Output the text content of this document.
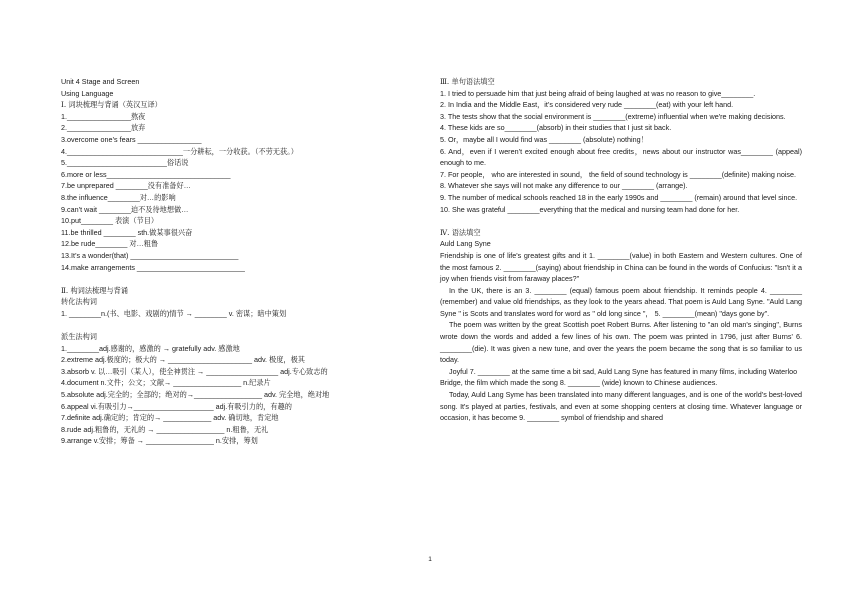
Unit 4 Stage and Screen
Using Language
Ⅰ. 词块梳理与背诵（英汉互译）
1.________________熬夜
2.________________放弃
3.overcome one’s fears ________________
4._____________________________一分耕耘，一分收获。（不劳无获。）
5._________________________俗话说
6.more or less_______________________________
7.be unprepared ________没有准备好…
8.the influence________对…的影响
9.can’t wait ________迫不及待地想做…
10.put________ 表演（节目）
11.be thrilled ________ sth.做某事很兴奋
12.be rude________ 对…粗鲁
13.It’s a wonder(that) ___________________________
14.make arrangements ___________________________
Ⅱ. 构词法梳理与背诵
转化法构词
1. ________n.(书、电影、戏剧的)情节 → ________ v. 密谋；暗中策划
派生法构词
1.________adj.感谢的，感激的 → gratefully adv. 感激地
2.extreme adj.极度的；极大的 → _____________________ adv. 极度，极其
3.absorb v. 以…吸引（某人），使全神贯注 → __________________ adj.专心致志的
4.document n.文件；公文；文献→ _________________ n.纪录片
5.absolute adj.完全的；全部的；绝对的→_________________ adv. 完全地，绝对地
6.appeal vi.有吸引力→____________________ adj.有吸引力的，有趣的
7.definite adj.确定的；肯定的→ ____________ adv. 确切地，肯定地
8.rude adj.粗鲁的，无礼的 → _________________ n.粗鲁，无礼
9.arrange v.安排；筹备 → _________________ n.安排，筹划
Ⅲ. 单句语法填空
1. I tried to persuade him that just being afraid of being laughed at was no reason to give________.
2. In India and the Middle East，it’s considered very rude ________(eat) with your left hand.
3. The tests show that the social environment is ________(extreme) influential when we're making decisions.
4. These kids are so________(absorb) in their studies that I just sit back.
5. Or，maybe all I would find was ________ (absolute) nothing！
6. And，even if I weren’t excited enough about free credits，news about our instructor was________ (appeal) enough to me.
7. For people， who are interested in sound， the field of sound technology is ________(definite) making noise.
8. Whatever she says will not make any difference to our ________ (arrange).
9. The number of medical schools reached 18 in the early 1990s and ________ (remain) around that level since.
10. She was grateful ________everything that the medical and nursing team had done for her.
Ⅳ. 语法填空
Auld Lang Syne
Friendship is one of life's greatest gifts and it 1. ________(value) in both Eastern and Western cultures. One of the most famous 2. ________(saying) about friendship in China can be found in the words of Confucius: "Isn't it a joy when friends visit from faraway places?"
In the UK, there is an 3. ________ (equal) famous poem about friendship. It reminds people 4. ________ (remember) and value old friendships, as they look to the years ahead. That poem is Auld Lang Syne. "Auld Lang Syne " is Scots and translates word for word as " old long since "， 5. ________(mean) "days gone by".
The poem was written by the great Scottish poet Robert Burns. After listening to "an old man's singing", Burns wrote down the words and added a few lines of his own. The poem was printed in 1796, just after Burns' 6. ________(die). It was given a new tune, and over the years the poem became the song that is so familiar to us today.
Joyful 7. ________ at the same time a bit sad, Auld Lang Syne has featured in many films, including Waterloo
Bridge, the film which made the song 8. ________ (wide) known to Chinese audiences.
Today, Auld Lang Syme has been translated into many different languages, and is one of the world’s best-loved song. It's played at parties, festivals, and even at some shopping centers at closing time. Whatever language or occasion, it has become 9. ________ symbol of friendship and shared
1
